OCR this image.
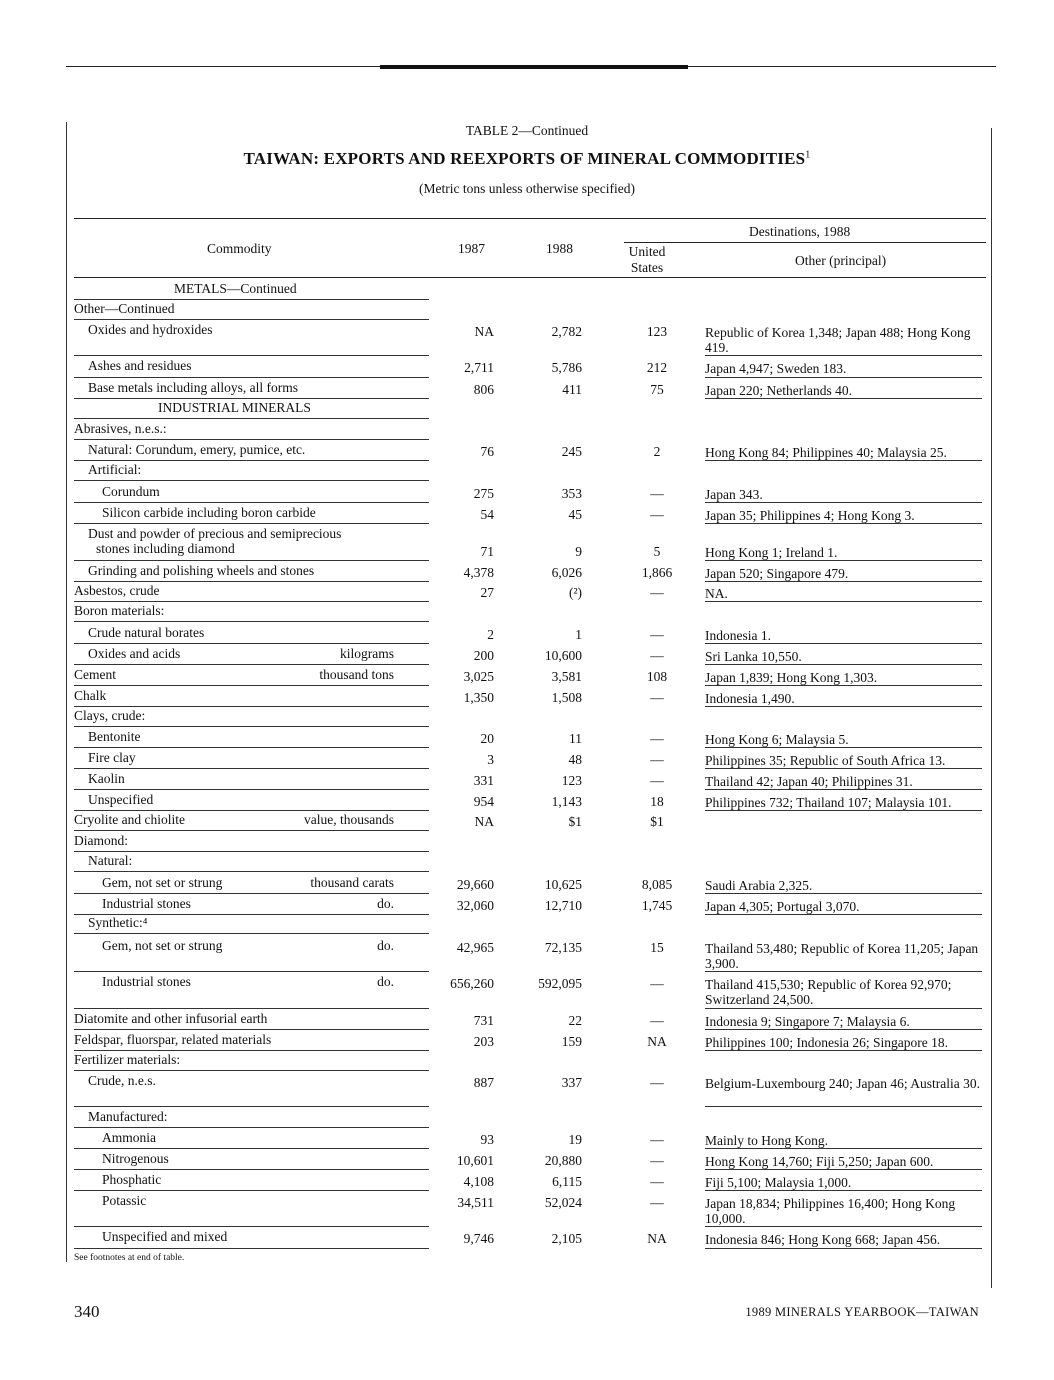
TABLE 2—Continued
TAIWAN: EXPORTS AND REEXPORTS OF MINERAL COMMODITIES$^1$
(Metric tons unless otherwise specified)
Commodity	1987	1988
Destinations, 1988
United States	Other (principal)
METALS—Continued
Other—Continued
Oxides and hydroxides	NA	2,782	123	Republic of Korea 1,348; Japan 488; Hong Kong 419.
Ashes and residues	2,711	5,786	212	Japan 4,947; Sweden 183.
Base metals including alloys, all forms	806	411	75	Japan 220; Netherlands 40.
INDUSTRIAL MINERALS
Abrasives, n.e.s.:
Natural: Corundum, emery, pumice, etc.	76	245	2	Hong Kong 84; Philippines 40; Malaysia 25.
Artificial:
Corundum	275	353	—	Japan 343.
Silicon carbide including boron carbide	54	45	—	Japan 35; Philippines 4; Hong Kong 3.
Dust and powder of precious and semiprecious
stones including diamond	71	9	5	Hong Kong 1; Ireland 1.
Grinding and polishing wheels and stones	4,378	6,026	1,866	Japan 520; Singapore 479.
Asbestos, crude	27	(²)	—	NA.
Boron materials:
Crude natural borates	2	1	—	Indonesia 1.
Oxides and acids	kilograms	200	10,600	—	Sri Lanka 10,550.
Cement	thousand tons	3,025	3,581	108	Japan 1,839; Hong Kong 1,303.
Chalk	1,350	1,508	—	Indonesia 1,490.
Clays, crude:
Bentonite	20	11	—	Hong Kong 6; Malaysia 5.
Fire clay	3	48	—	Philippines 35; Republic of South Africa 13.
Kaolin	331	123	—	Thailand 42; Japan 40; Philippines 31.
Unspecified	954	1,143	18	Philippines 732; Thailand 107; Malaysia 101.
Cryolite and chiolite	value, thousands	NA	$1	$1
Diamond:
Natural:
Gem, not set or strung	thousand carats	29,660	10,625	8,085	Saudi Arabia 2,325.
Industrial stones	do.	32,060	12,710	1,745	Japan 4,305; Portugal 3,070.
Synthetic:⁴
Gem, not set or strung	do.	42,965	72,135	15	Thailand 53,480; Republic of Korea 11,205; Japan 3,900.
Industrial stones	do.	656,260	592,095	—	Thailand 415,530; Republic of Korea 92,970; Switzerland 24,500.
Diatomite and other infusorial earth	731	22	—	Indonesia 9; Singapore 7; Malaysia 6.
Feldspar, fluorspar, related materials	203	159	NA	Philippines 100; Indonesia 26; Singapore 18.
Fertilizer materials:
Crude, n.e.s.	887	337	—	Belgium-Luxembourg 240; Japan 46; Australia 30.
Manufactured:
Ammonia	93	19	—	Mainly to Hong Kong.
Nitrogenous	10,601	20,880	—	Hong Kong 14,760; Fiji 5,250; Japan 600.
Phosphatic	4,108	6,115	—	Fiji 5,100; Malaysia 1,000.
Potassic	34,511	52,024	—	Japan 18,834; Philippines 16,400; Hong Kong 10,000.
Unspecified and mixed	9,746	2,105	NA	Indonesia 846; Hong Kong 668; Japan 456.
See footnotes at end of table.
340	1989 MINERALS YEARBOOK—TAIWAN
